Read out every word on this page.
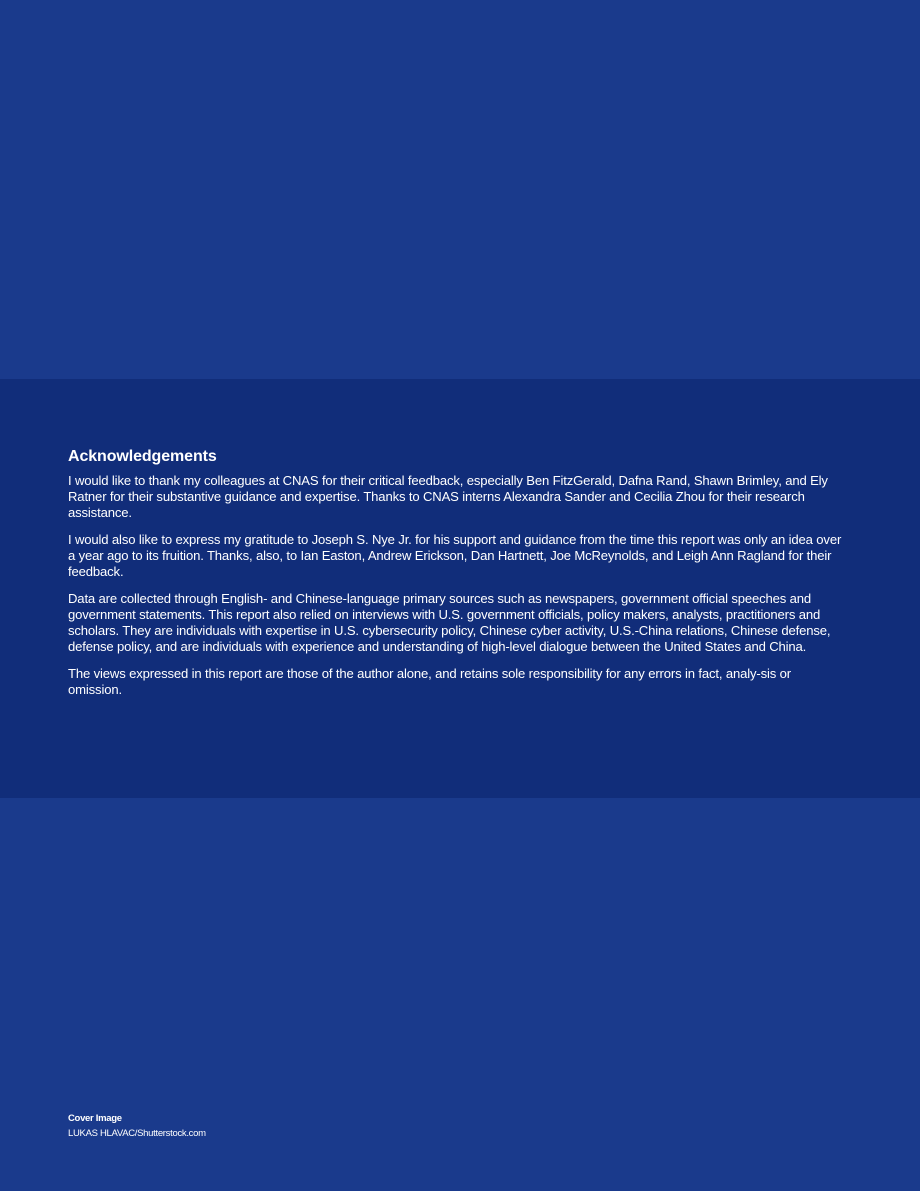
Acknowledgements

I would like to thank my colleagues at CNAS for their critical feedback, especially Ben FitzGerald, Dafna Rand, Shawn Brimley, and Ely Ratner for their substantive guidance and expertise. Thanks to CNAS interns Alexandra Sander and Cecilia Zhou for their research assistance.

I would also like to express my gratitude to Joseph S. Nye Jr. for his support and guidance from the time this report was only an idea over a year ago to its fruition. Thanks, also, to Ian Easton, Andrew Erickson, Dan Hartnett, Joe McReynolds, and Leigh Ann Ragland for their feedback.

Data are collected through English- and Chinese-language primary sources such as newspapers, government official speeches and government statements. This report also relied on interviews with U.S. government officials, policy makers, analysts, practitioners and scholars. They are individuals with expertise in U.S. cybersecurity policy, Chinese cyber activity, U.S.-China relations, Chinese defense, defense policy, and are individuals with experience and understanding of high-level dialogue between the United States and China.

The views expressed in this report are those of the author alone, and retains sole responsibility for any errors in fact, analy-sis or omission.

Cover Image
LUKAS HLAVAC/Shutterstock.com
